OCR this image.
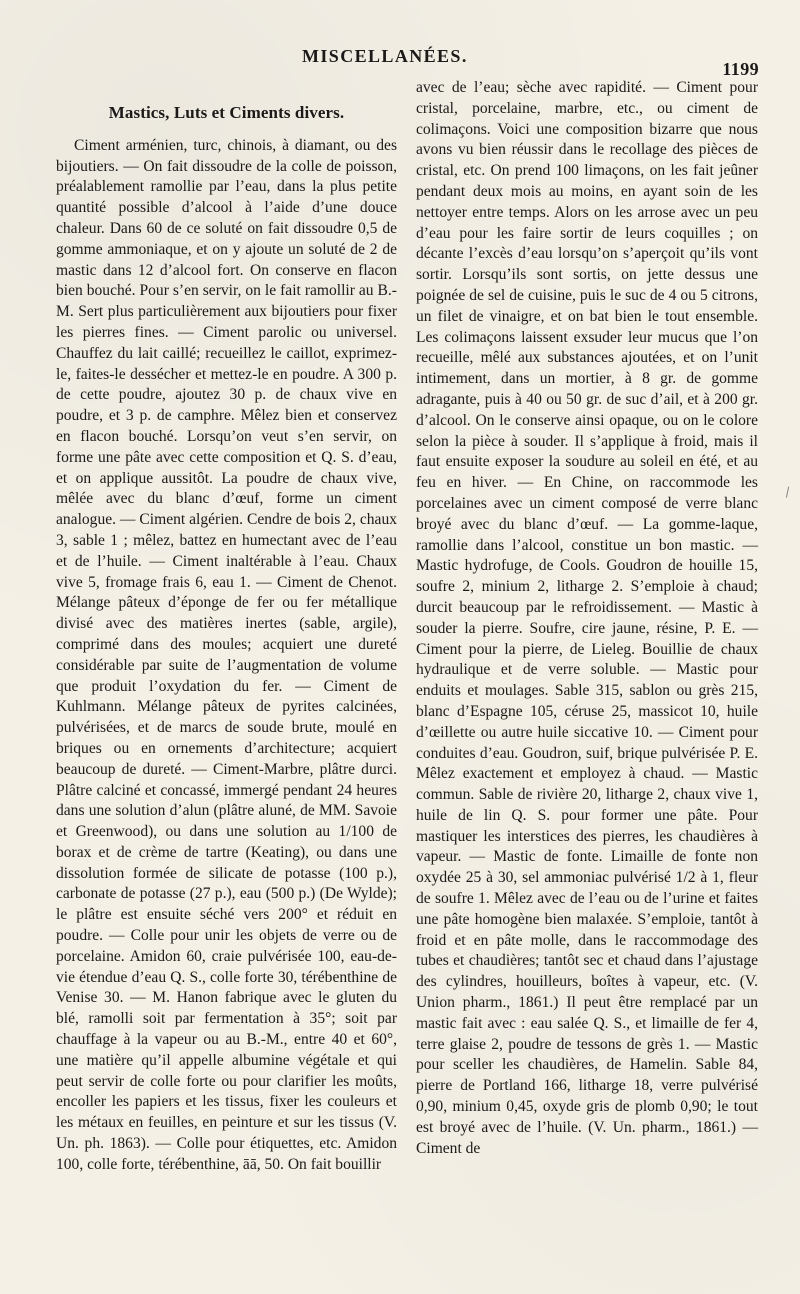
MISCELLANÉES.
1199
Mastics, Luts et Ciments divers.

Ciment arménien, turc, chinois, à diamant, ou des bijoutiers. — On fait dissoudre de la colle de poisson, préalablement ramollie par l’eau, dans la plus petite quantité possible d’alcool à l’aide d’une douce chaleur. Dans 60 de ce soluté on fait dissoudre 0,5 de gomme ammoniaque, et on y ajoute un soluté de 2 de mastic dans 12 d’alcool fort. On conserve en flacon bien bouché. Pour s’en servir, on le fait ramollir au B.-M. Sert plus particulièrement aux bijoutiers pour fixer les pierres fines. — Ciment parolic ou universel. Chauffez du lait caillé; recueillez le caillot, exprimez-le, faites-le dessécher et mettez-le en poudre. A 300 p. de cette poudre, ajoutez 30 p. de chaux vive en poudre, et 3 p. de camphre. Mêlez bien et conservez en flacon bouché. Lorsqu’on veut s’en servir, on forme une pâte avec cette composition et Q. S. d’eau, et on applique aussitôt. La poudre de chaux vive, mêlée avec du blanc d’œuf, forme un ciment analogue. — Ciment algérien. Cendre de bois 2, chaux 3, sable 1 ; mêlez, battez en humectant avec de l’eau et de l’huile. — Ciment inaltérable à l’eau. Chaux vive 5, fromage frais 6, eau 1. — Ciment de Chenot. Mélange pâteux d’éponge de fer ou fer métallique divisé avec des matières inertes (sable, argile), comprimé dans des moules; acquiert une dureté considérable par suite de l’augmentation de volume que produit l’oxydation du fer. — Ciment de Kuhlmann. Mélange pâteux de pyrites calcinées, pulvérisées, et de marcs de soude brute, moulé en briques ou en ornements d’architecture; acquiert beaucoup de dureté. — Ciment-Marbre, plâtre durci. Plâtre calciné et concassé, immergé pendant 24 heures dans une solution d’alun (plâtre aluné, de MM. Savoie et Greenwood), ou dans une solution au 1/100 de borax et de crème de tartre (Keating), ou dans une dissolution formée de silicate de potasse (100 p.), carbonate de potasse (27 p.), eau (500 p.) (De Wylde); le plâtre est ensuite séché vers 200° et réduit en poudre. — Colle pour unir les objets de verre ou de porcelaine. Amidon 60, craie pulvérisée 100, eau-de-vie étendue d’eau Q. S., colle forte 30, térébenthine de Venise 30. — M. Hanon fabrique avec le gluten du blé, ramolli soit par fermentation à 35°; soit par chauffage à la vapeur ou au B.-M., entre 40 et 60°, une matière qu’il appelle albumine végétale et qui peut servir de colle forte ou pour clarifier les moûts, encoller les papiers et les tissus, fixer les couleurs et les métaux en feuilles, en peinture et sur les tissus (V. Un. ph. 1863). — Colle pour étiquettes, etc. Amidon 100, colle forte, térébenthine, āā, 50. On fait bouillir

avec de l’eau; sèche avec rapidité. — Ciment pour cristal, porcelaine, marbre, etc., ou ciment de colimaçons. Voici une composition bizarre que nous avons vu bien réussir dans le recollage des pièces de cristal, etc. On prend 100 limaçons, on les fait jeûner pendant deux mois au moins, en ayant soin de les nettoyer entre temps. Alors on les arrose avec un peu d’eau pour les faire sortir de leurs coquilles ; on décante l’excès d’eau lorsqu’on s’aperçoit qu’ils vont sortir. Lorsqu’ils sont sortis, on jette dessus une poignée de sel de cuisine, puis le suc de 4 ou 5 citrons, un filet de vinaigre, et on bat bien le tout ensemble. Les colimaçons laissent exsuder leur mucus que l’on recueille, mêlé aux substances ajoutées, et on l’unit intimement, dans un mortier, à 8 gr. de gomme adragante, puis à 40 ou 50 gr. de suc d’ail, et à 200 gr. d’alcool. On le conserve ainsi opaque, ou on le colore selon la pièce à souder. Il s’applique à froid, mais il faut ensuite exposer la soudure au soleil en été, et au feu en hiver. — En Chine, on raccommode les porcelaines avec un ciment composé de verre blanc broyé avec du blanc d’œuf. — La gomme-laque, ramollie dans l’alcool, constitue un bon mastic. — Mastic hydrofuge, de Cools. Goudron de houille 15, soufre 2, minium 2, litharge 2. S’emploie à chaud; durcit beaucoup par le refroidissement. — Mastic à souder la pierre. Soufre, cire jaune, résine, P. E. — Ciment pour la pierre, de Lieleg. Bouillie de chaux hydraulique et de verre soluble. — Mastic pour enduits et moulages. Sable 315, sablon ou grès 215, blanc d’Espagne 105, céruse 25, massicot 10, huile d’œillette ou autre huile siccative 10. — Ciment pour conduites d’eau. Goudron, suif, brique pulvérisée P. E. Mêlez exactement et employez à chaud. — Mastic commun. Sable de rivière 20, litharge 2, chaux vive 1, huile de lin Q. S. pour former une pâte. Pour mastiquer les interstices des pierres, les chaudières à vapeur. — Mastic de fonte. Limaille de fonte non oxydée 25 à 30, sel ammoniac pulvérisé 1/2 à 1, fleur de soufre 1. Mêlez avec de l’eau ou de l’urine et faites une pâte homogène bien malaxée. S’emploie, tantôt à froid et en pâte molle, dans le raccommodage des tubes et chaudières; tantôt sec et chaud dans l’ajustage des cylindres, houilleurs, boîtes à vapeur, etc. (V. Union pharm., 1861.) Il peut être remplacé par un mastic fait avec : eau salée Q. S., et limaille de fer 4, terre glaise 2, poudre de tessons de grès 1. — Mastic pour sceller les chaudières, de Hamelin. Sable 84, pierre de Portland 166, litharge 18, verre pulvérisé 0,90, minium 0,45, oxyde gris de plomb 0,90; le tout est broyé avec de l’huile. (V. Un. pharm., 1861.) — Ciment de
